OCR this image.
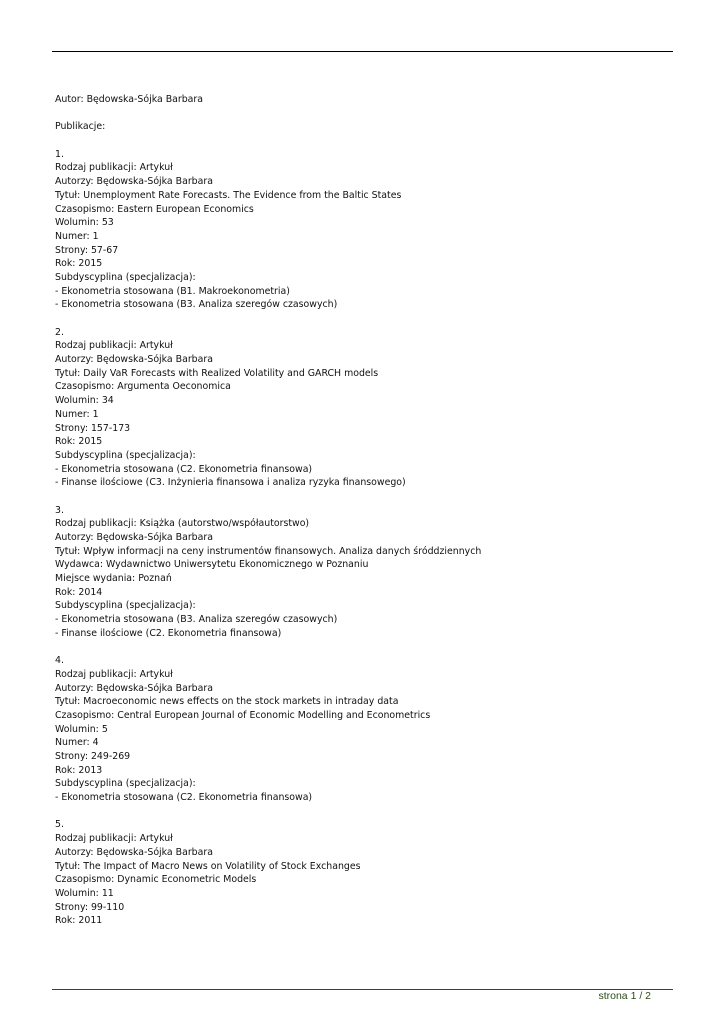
Autor: Będowska-Sójka Barbara
Publikacje:
1.
Rodzaj publikacji: Artykuł
Autorzy: Będowska-Sójka Barbara
Tytuł: Unemployment Rate Forecasts. The Evidence from the Baltic States
Czasopismo: Eastern European Economics
Wolumin: 53
Numer: 1
Strony: 57-67
Rok: 2015
Subdyscyplina (specjalizacja):
- Ekonometria stosowana (B1. Makroekonometria)
- Ekonometria stosowana (B3. Analiza szeregów czasowych)
2.
Rodzaj publikacji: Artykuł
Autorzy: Będowska-Sójka Barbara
Tytuł: Daily VaR Forecasts with Realized Volatility and GARCH models
Czasopismo: Argumenta Oeconomica
Wolumin: 34
Numer: 1
Strony: 157-173
Rok: 2015
Subdyscyplina (specjalizacja):
- Ekonometria stosowana (C2. Ekonometria finansowa)
- Finanse ilościowe (C3. Inżynieria finansowa i analiza ryzyka finansowego)
3.
Rodzaj publikacji: Książka (autorstwo/współautorstwo)
Autorzy: Będowska-Sójka Barbara
Tytuł: Wpływ informacji na ceny instrumentów finansowych. Analiza danych śróddziennych
Wydawca: Wydawnictwo Uniwersytetu Ekonomicznego w Poznaniu
Miejsce wydania: Poznań
Rok: 2014
Subdyscyplina (specjalizacja):
- Ekonometria stosowana (B3. Analiza szeregów czasowych)
- Finanse ilościowe (C2. Ekonometria finansowa)
4.
Rodzaj publikacji: Artykuł
Autorzy: Będowska-Sójka Barbara
Tytuł: Macroeconomic news effects on the stock markets in intraday data
Czasopismo: Central European Journal of Economic Modelling and Econometrics
Wolumin: 5
Numer: 4
Strony: 249-269
Rok: 2013
Subdyscyplina (specjalizacja):
- Ekonometria stosowana (C2. Ekonometria finansowa)
5.
Rodzaj publikacji: Artykuł
Autorzy: Będowska-Sójka Barbara
Tytuł: The Impact of Macro News on Volatility of Stock Exchanges
Czasopismo: Dynamic Econometric Models
Wolumin: 11
Strony: 99-110
Rok: 2011
strona 1 / 2
